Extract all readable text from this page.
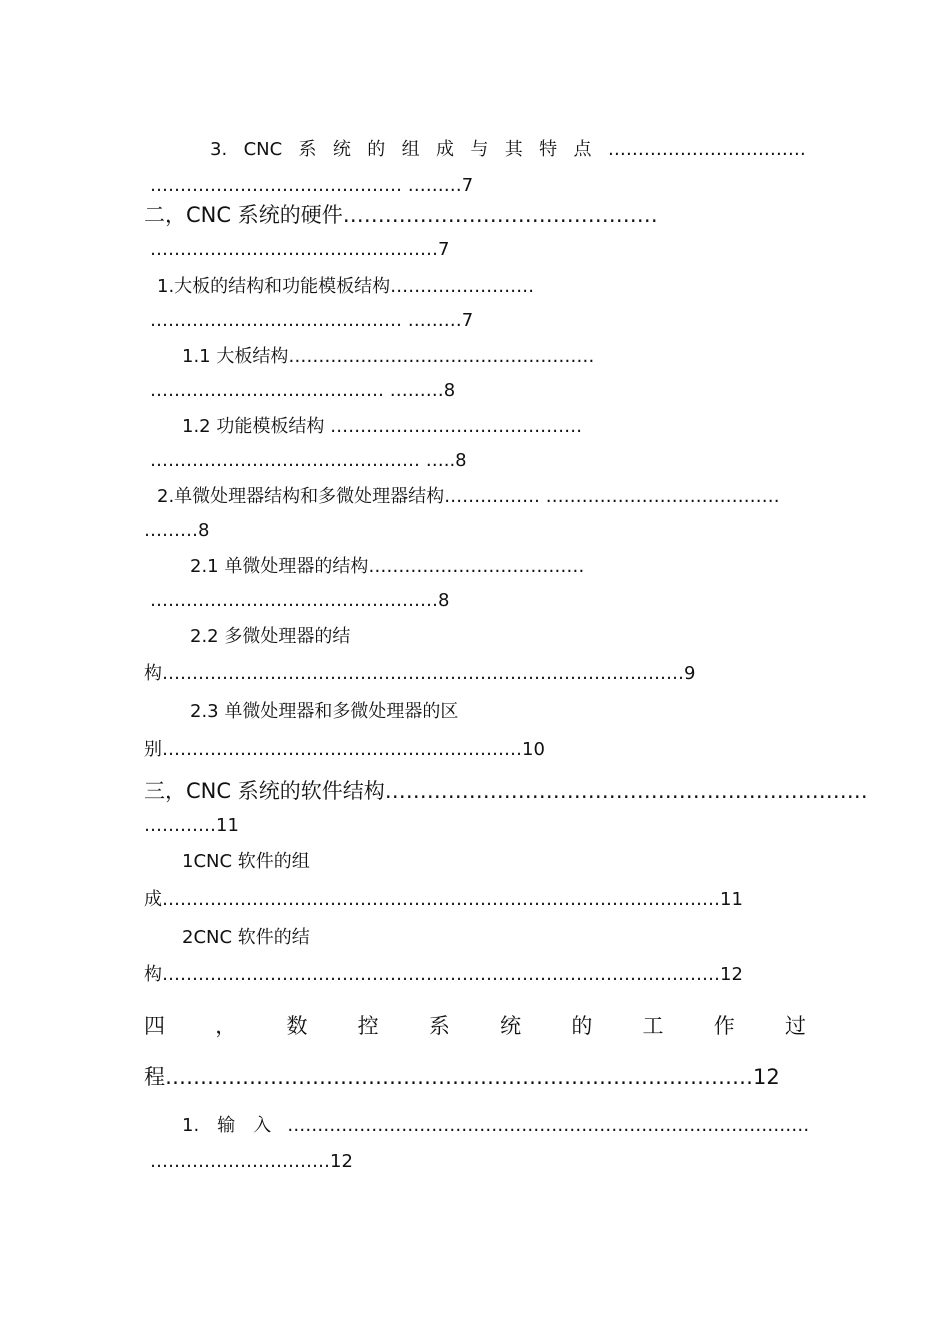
3. CNC 系 统 的 组 成 与 其 特 点 ……………………………
…………………………………… ………7
二，CNC 系统的硬件………………………………………
…………………………………………7
1.大板的结构和功能模板结构……………………
…………………………………… ………7
1.1 大板结构……………………………………………
………………………………… ………8
1.2 功能模板结构 ……………………………………
……………………………………… …..8
2.单微处理器结构和多微处理器结构……………. …………………………………
………8
2.1 单微处理器的结构………………………………
…………………………………………8
2.2 多微处理器的结
构……………………………………………………………………………9
2.3 单微处理器和多微处理器的区
别……………………………………………………10
三，CNC 系统的软件结构……………………………………………………………
…………11
1CNC 软件的组
成…………………………………………………………………………………11
2CNC 软件的结
构…………………………………………………………………………………12
四 ， 数 控 系 统 的 工 作 过
程…………………………………………………………………………12
1. 输 入 ……………………………………………………………………………
…………………………12
